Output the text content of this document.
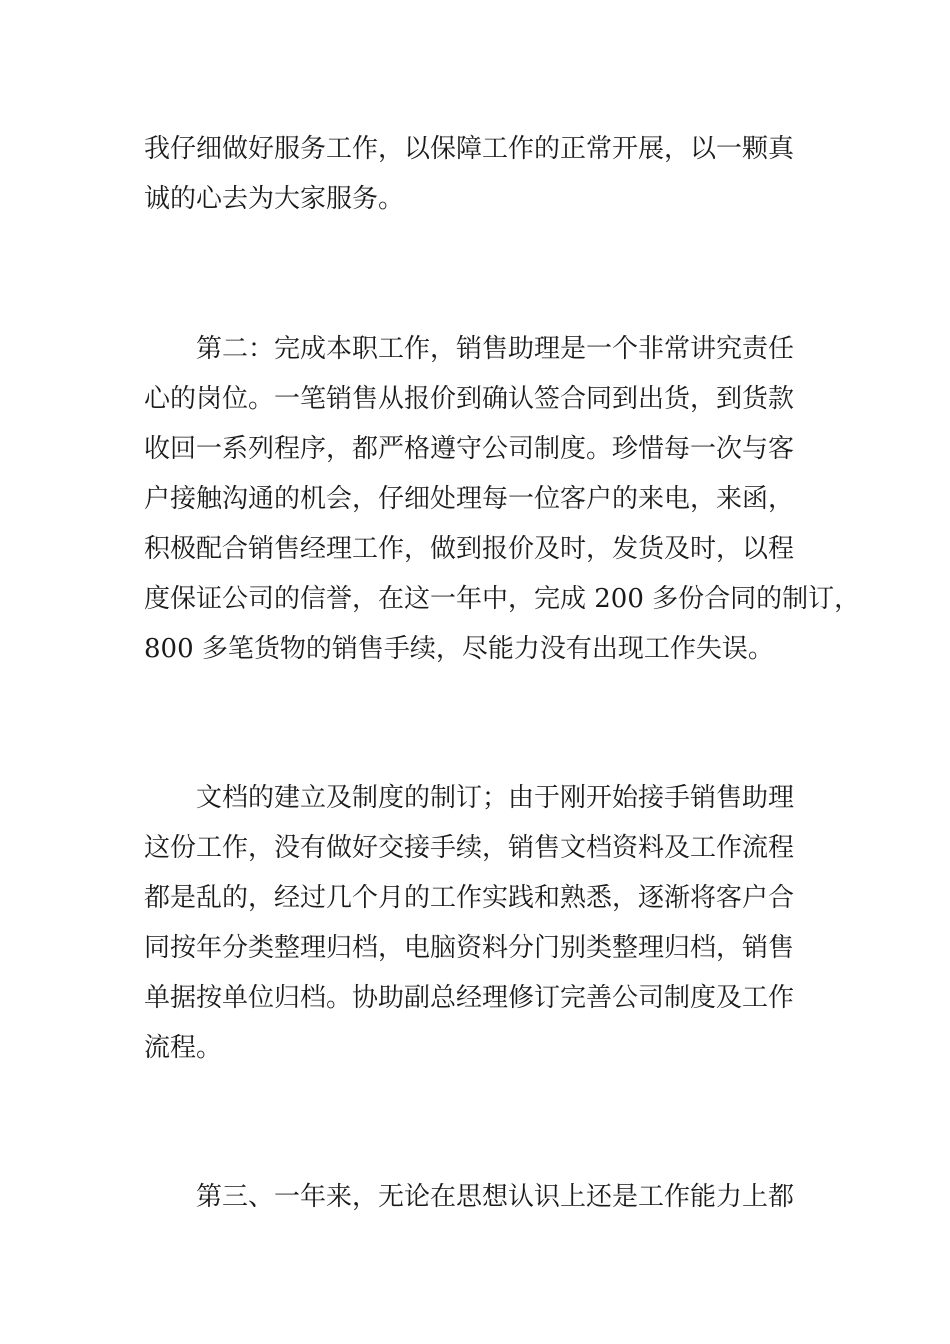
我仔细做好服务工作，以保障工作的正常开展，以一颗真
诚的心去为大家服务。
　　第二：完成本职工作，销售助理是一个非常讲究责任
心的岗位。一笔销售从报价到确认签合同到出货，到货款
收回一系列程序，都严格遵守公司制度。珍惜每一次与客
户接触沟通的机会，仔细处理每一位客户的来电，来函，
积极配合销售经理工作，做到报价及时，发货及时，以程
度保证公司的信誉，在这一年中，完成 200 多份合同的制订，
800 多笔货物的销售手续，尽能力没有出现工作失误。
　　文档的建立及制度的制订；由于刚开始接手销售助理
这份工作，没有做好交接手续，销售文档资料及工作流程
都是乱的，经过几个月的工作实践和熟悉，逐渐将客户合
同按年分类整理归档，电脑资料分门别类整理归档，销售
单据按单位归档。协助副总经理修订完善公司制度及工作
流程。
　　第三、一年来，无论在思想认识上还是工作能力上都
